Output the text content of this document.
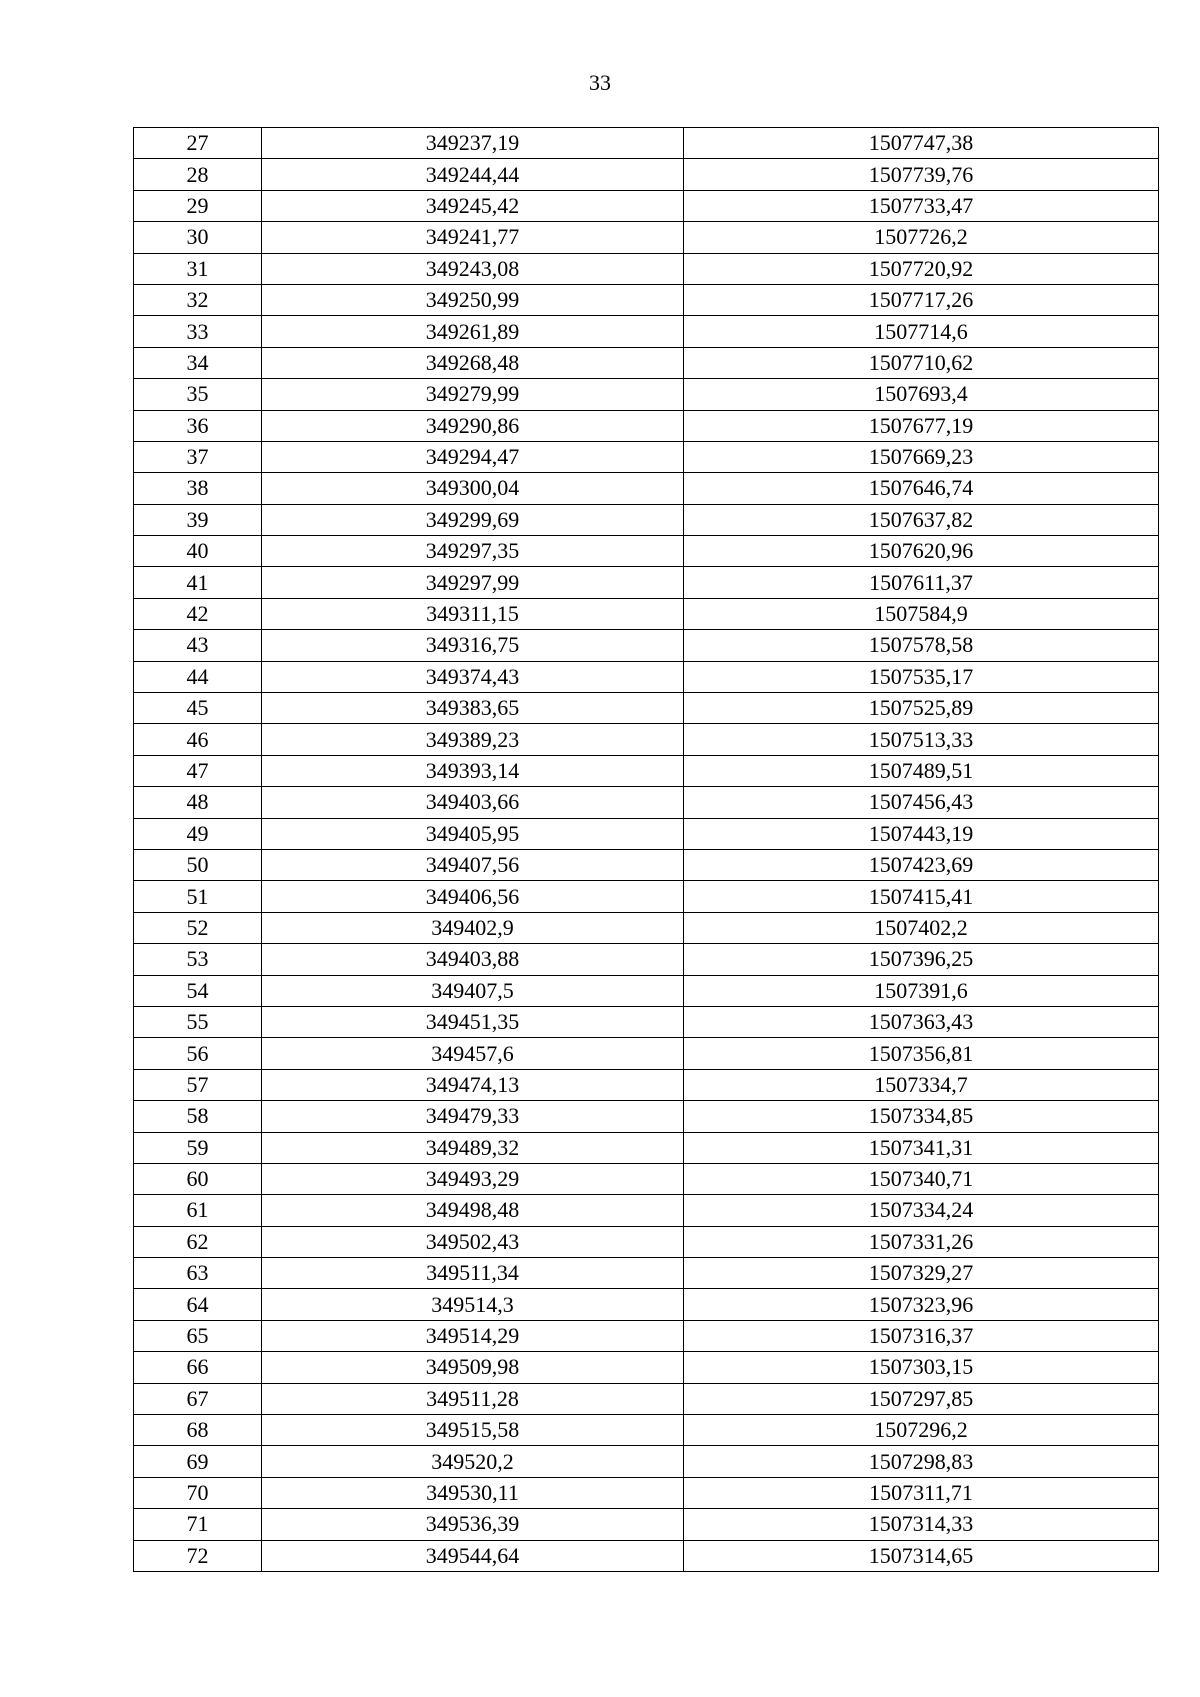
33
27	349237,19	1507747,38
28	349244,44	1507739,76
29	349245,42	1507733,47
30	349241,77	1507726,2
31	349243,08	1507720,92
32	349250,99	1507717,26
33	349261,89	1507714,6
34	349268,48	1507710,62
35	349279,99	1507693,4
36	349290,86	1507677,19
37	349294,47	1507669,23
38	349300,04	1507646,74
39	349299,69	1507637,82
40	349297,35	1507620,96
41	349297,99	1507611,37
42	349311,15	1507584,9
43	349316,75	1507578,58
44	349374,43	1507535,17
45	349383,65	1507525,89
46	349389,23	1507513,33
47	349393,14	1507489,51
48	349403,66	1507456,43
49	349405,95	1507443,19
50	349407,56	1507423,69
51	349406,56	1507415,41
52	349402,9	1507402,2
53	349403,88	1507396,25
54	349407,5	1507391,6
55	349451,35	1507363,43
56	349457,6	1507356,81
57	349474,13	1507334,7
58	349479,33	1507334,85
59	349489,32	1507341,31
60	349493,29	1507340,71
61	349498,48	1507334,24
62	349502,43	1507331,26
63	349511,34	1507329,27
64	349514,3	1507323,96
65	349514,29	1507316,37
66	349509,98	1507303,15
67	349511,28	1507297,85
68	349515,58	1507296,2
69	349520,2	1507298,83
70	349530,11	1507311,71
71	349536,39	1507314,33
72	349544,64	1507314,65
